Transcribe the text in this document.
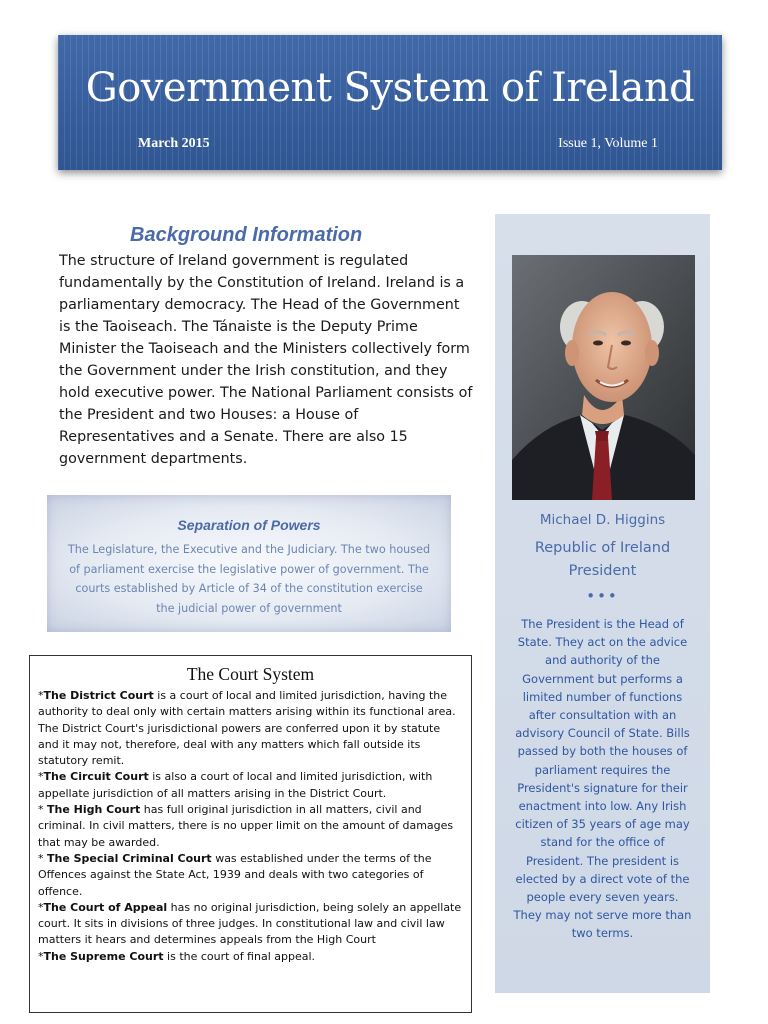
Government System of Ireland
March 2015	Issue 1, Volume 1
Background Information
The structure of Ireland government is regulated fundamentally by the Constitution of Ireland. Ireland is a parliamentary democracy. The Head of the Government is the Taoiseach. The Tánaiste is the Deputy Prime Minister the Taoiseach and the Ministers collectively form the Government under the Irish constitution, and they hold executive power. The National Parliament consists of the President and two Houses: a House of Representatives and a Senate. There are also 15 government departments.
Separation of Powers
The Legislature, the Executive and the Judiciary. The two housed of parliament exercise the legislative power of government. The courts established by Article of 34 of the constitution exercise the judicial power of government
The Court System

*The District Court is a court of local and limited jurisdiction, having the authority to deal only with certain matters arising within its functional area. The District Court's jurisdictional powers are conferred upon it by statute and it may not, therefore, deal with any matters which fall outside its statutory remit.

*The Circuit Court is also a court of local and limited jurisdiction, with appellate jurisdiction of all matters arising in the District Court.

* The High Court has full original jurisdiction in all matters, civil and criminal. In civil matters, there is no upper limit on the amount of damages that may be awarded.

* The Special Criminal Court was established under the terms of the Offences against the State Act, 1939 and deals with two categories of offence.

*The Court of Appeal has no original jurisdiction, being solely an appellate court. It sits in divisions of three judges. In constitutional law and civil law matters it hears and determines appeals from the High Court

*The Supreme Court is the court of final appeal.

Michael D. Higgins
Republic of Ireland President
•••
The President is the Head of State. They act on the advice and authority of the Government but performs a limited number of functions after consultation with an advisory Council of State. Bills passed by both the houses of parliament requires the President's signature for their enactment into low. Any Irish citizen of 35 years of age may stand for the office of President. The president is elected by a direct vote of the people every seven years. They may not serve more than two terms.
